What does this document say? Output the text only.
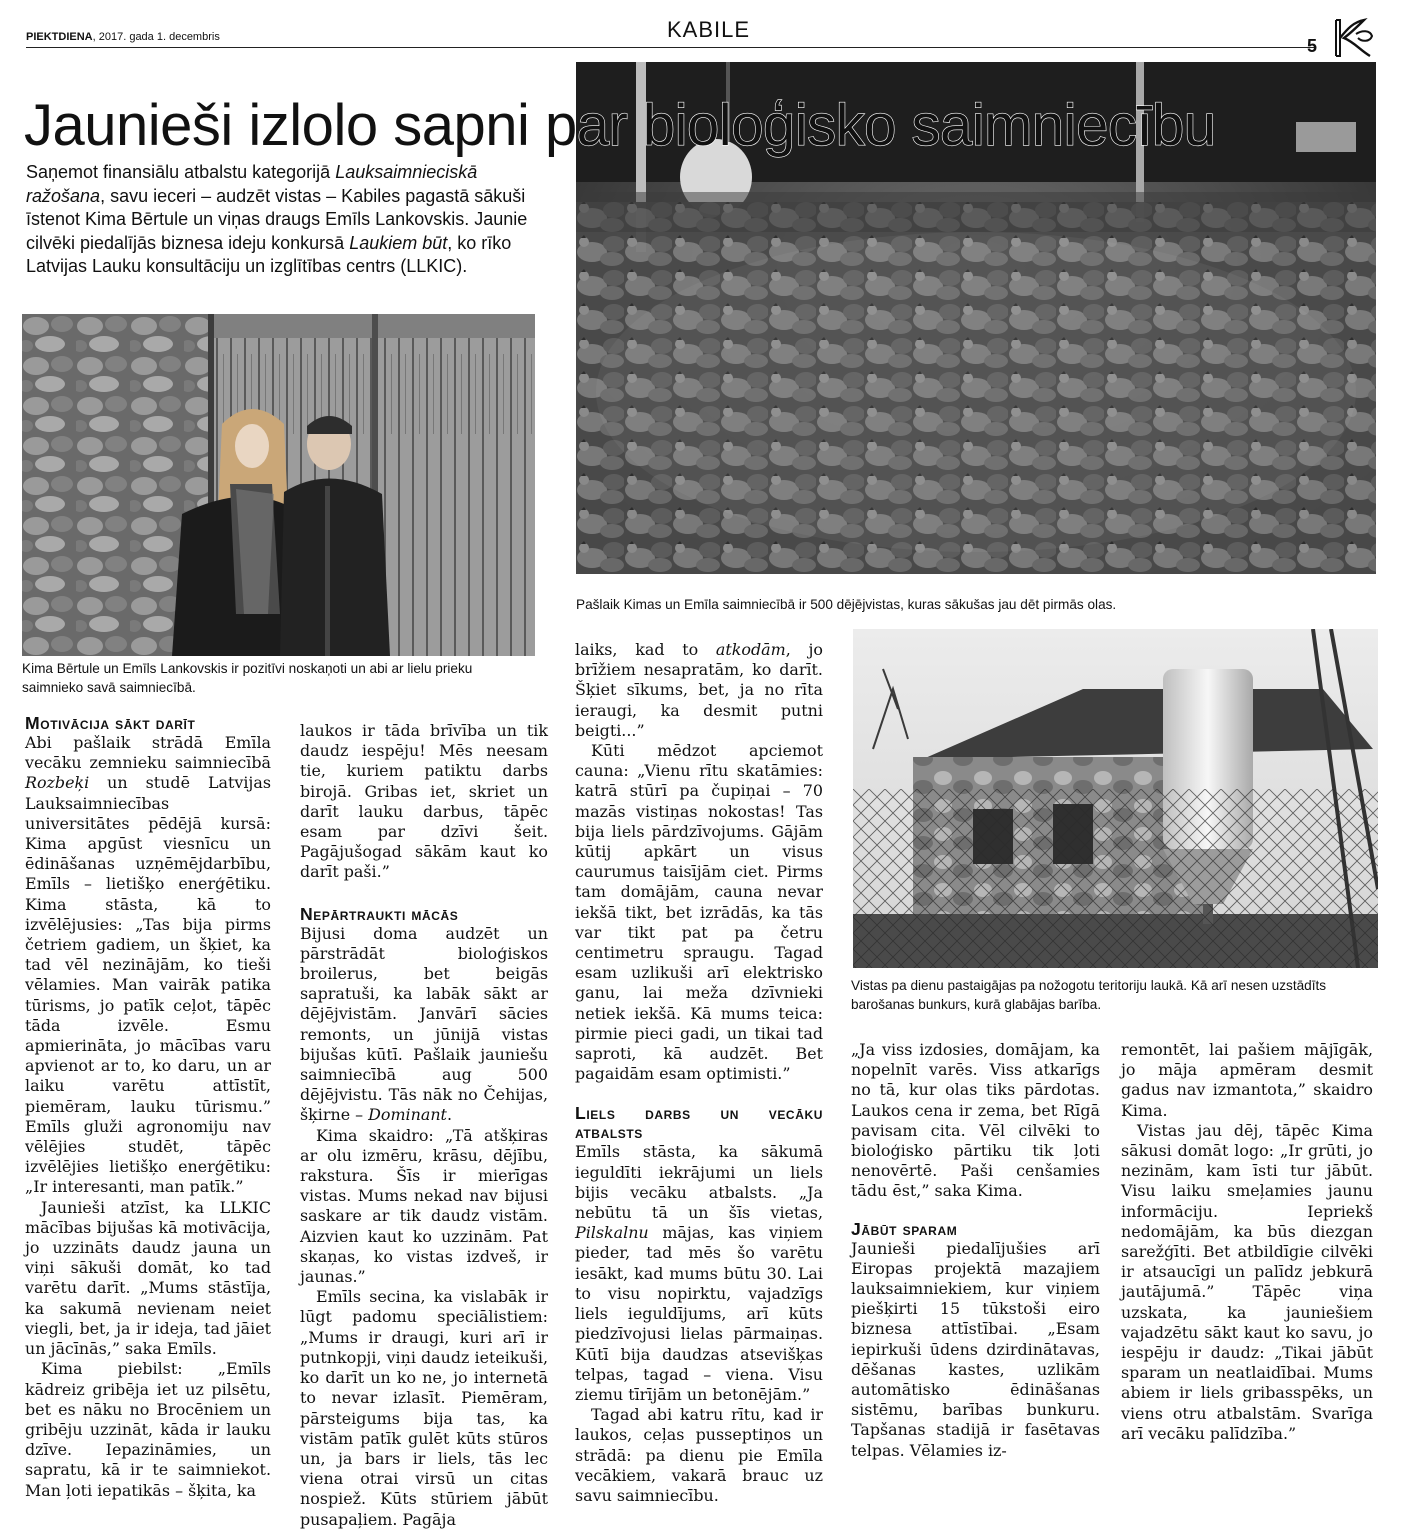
PIEKTDIENA, 2017. gada 1. decembris	KABILE
5
Jaunieši izlolo sapni par bioloģisko saimniecību
Saņemot finansiālu atbalstu kategorijā Lauksaimnieciskā ražošana, savu ieceri – audzēt vistas – Kabiles pagastā sākuši īstenot Kima Bērtule un viņas draugs Emīls Lankovskis. Jaunie cilvēki piedalījās biznesa ideju konkursā Laukiem būt, ko rīko Latvijas Lauku konsultāciju un izglītības centrs (LLKIC).
Pašlaik Kimas un Emīla saimniecībā ir 500 dējējvistas, kuras sākušas jau dēt pirmās olas.
Kima Bērtule un Emīls Lankovskis ir pozitīvi noskaņoti un abi ar lielu prieku saimnieko savā saimniecībā.
Vistas pa dienu pastaigājas pa nožogotu teritoriju laukā. Kā arī nesen uzstādīts barošanas bunkurs, kurā glabājas barība.
Motivācija sākt darīt

Abi pašlaik strādā Emīla vecāku zemnieku saimniecībā Rozbeķi un studē Latvijas Lauksaimniecības universitātes pēdējā kursā: Kima apgūst viesnīcu un ēdināšanas uzņēmējdarbību, Emīls – lietišķo enerģētiku. Kima stāsta, kā to izvēlējusies: „Tas bija pirms četriem gadiem, un šķiet, ka tad vēl nezinājām, ko tieši vēlamies. Man vairāk patika tūrisms, jo patīk ceļot, tāpēc tāda izvēle. Esmu apmierināta, jo mācības varu apvienot ar to, ko daru, un ar laiku varētu attīstīt, piemēram, lauku tūrismu.” Emīls gluži agronomiju nav vēlējies studēt, tāpēc izvēlējies lietišķo enerģētiku: „Ir interesanti, man patīk.”

Jaunieši atzīst, ka LLKIC mācības bijušas kā motivācija, jo uzzināts daudz jauna un viņi sākuši domāt, ko tad varētu darīt. „Mums stāstīja, ka sakumā nevienam neiet viegli, bet, ja ir ideja, tad jāiet un jācīnās,” saka Emīls.

Kima piebilst: „Emīls kādreiz gribēja iet uz pilsētu, bet es nāku no Brocēniem un gribēju uzzināt, kāda ir lauku dzīve. Iepazināmies, un sapratu, kā ir te saimniekot. Man ļoti iepatikās – šķita, ka

laukos ir tāda brīvība un tik daudz iespēju! Mēs neesam tie, kuriem patiktu darbs birojā. Gribas iet, skriet un darīt lauku darbus, tāpēc esam par dzīvi šeit. Pagājušogad sākām kaut ko darīt paši.”

Nepārtraukti mācās

Bijusi doma audzēt un pārstrādāt bioloģiskos broilerus, bet beigās sapratuši, ka labāk sākt ar dējējvistām. Janvārī sācies remonts, un jūnijā vistas bijušas kūtī. Pašlaik jauniešu saimniecībā aug 500 dējējvistu. Tās nāk no Čehijas, šķirne – Dominant.

Kima skaidro: „Tā atšķiras ar olu izmēru, krāsu, dējību, rakstura. Šīs ir mierīgas vistas. Mums nekad nav bijusi saskare ar tik daudz vistām. Aizvien kaut ko uzzinām. Pat skaņas, ko vistas izdveš, ir jaunas.”

Emīls secina, ka vislabāk ir lūgt padomu speciālistiem: „Mums ir draugi, kuri arī ir putnkopji, viņi daudz ieteikuši, ko darīt un ko ne, jo internetā to nevar izlasīt. Piemēram, pārsteigums bija tas, ka vistām patīk gulēt kūts stūros un, ja bars ir liels, tās lec viena otrai virsū un citas nospiež. Kūts stūriem jābūt pusapaļiem. Pagāja

laiks, kad to atkodām, jo brīžiem nesapratām, ko darīt. Šķiet sīkums, bet, ja no rīta ieraugi, ka desmit putni beigti...”

Kūti mēdzot apciemot cauna: „Vienu rītu skatāmies: katrā stūrī pa čupiņai – 70 mazās vistiņas nokostas! Tas bija liels pārdzīvojums. Gājām kūtij apkārt un visus caurumus taisījām ciet. Pirms tam domājām, cauna nevar iekšā tikt, bet izrādās, ka tās var tikt pat pa četru centimetru spraugu. Tagad esam uzlikuši arī elektrisko ganu, lai meža dzīvnieki netiek iekšā. Kā mums teica: pirmie pieci gadi, un tikai tad saproti, kā audzēt. Bet pagaidām esam optimisti.”

Liels darbs un vecāku atbalsts

Emīls stāsta, ka sākumā ieguldīti iekrājumi un liels bijis vecāku atbalsts. „Ja nebūtu tā un šīs vietas, Pilskalnu mājas, kas viņiem pieder, tad mēs šo varētu iesākt, kad mums būtu 30. Lai to visu nopirktu, vajadzīgs liels ieguldījums, arī kūts piedzīvojusi lielas pārmaiņas. Kūtī bija daudzas atsevišķas telpas, tagad – viena. Visu ziemu tīrījām un betonējām.”

Tagad abi katru rītu, kad ir laukos, ceļas pusseptiņos un strādā: pa dienu pie Emīla vecākiem, vakarā brauc uz savu saimniecību.

„Ja viss izdosies, domājam, ka nopelnīt varēs. Viss atkarīgs no tā, kur olas tiks pārdotas. Laukos cena ir zema, bet Rīgā pavisam cita. Vēl cilvēki to bioloģisko pārtiku tik ļoti nenovērtē. Paši cenšamies tādu ēst,” saka Kima.

Jābūt sparam

Jaunieši piedalījušies arī Eiropas projektā mazajiem lauksaimniekiem, kur viņiem piešķirti 15 tūkstoši eiro biznesa attīstībai. „Esam iepirkuši ūdens dzirdinātavas, dēšanas kastes, uzlikām automātisko ēdināšanas sistēmu, barības bunkuru. Tapšanas stadijā ir fasētavas telpas. Vēlamies iz-

remontēt, lai pašiem mājīgāk, jo māja apmēram desmit gadus nav izmantota,” skaidro Kima.

Vistas jau dēj, tāpēc Kima sākusi domāt logo: „Ir grūti, jo nezinām, kam īsti tur jābūt. Visu laiku smeļamies jaunu informāciju. Iepriekš nedomājām, ka būs diezgan sarežģīti. Bet atbildīgie cilvēki ir atsaucīgi un palīdz jebkurā jautājumā.” Tāpēc viņa uzskata, ka jauniešiem vajadzētu sākt kaut ko savu, jo iespēju ir daudz: „Tikai jābūt sparam un neatlaidībai. Mums abiem ir liels gribasspēks, un viens otru atbalstām. Svarīga arī vecāku palīdzība.”
